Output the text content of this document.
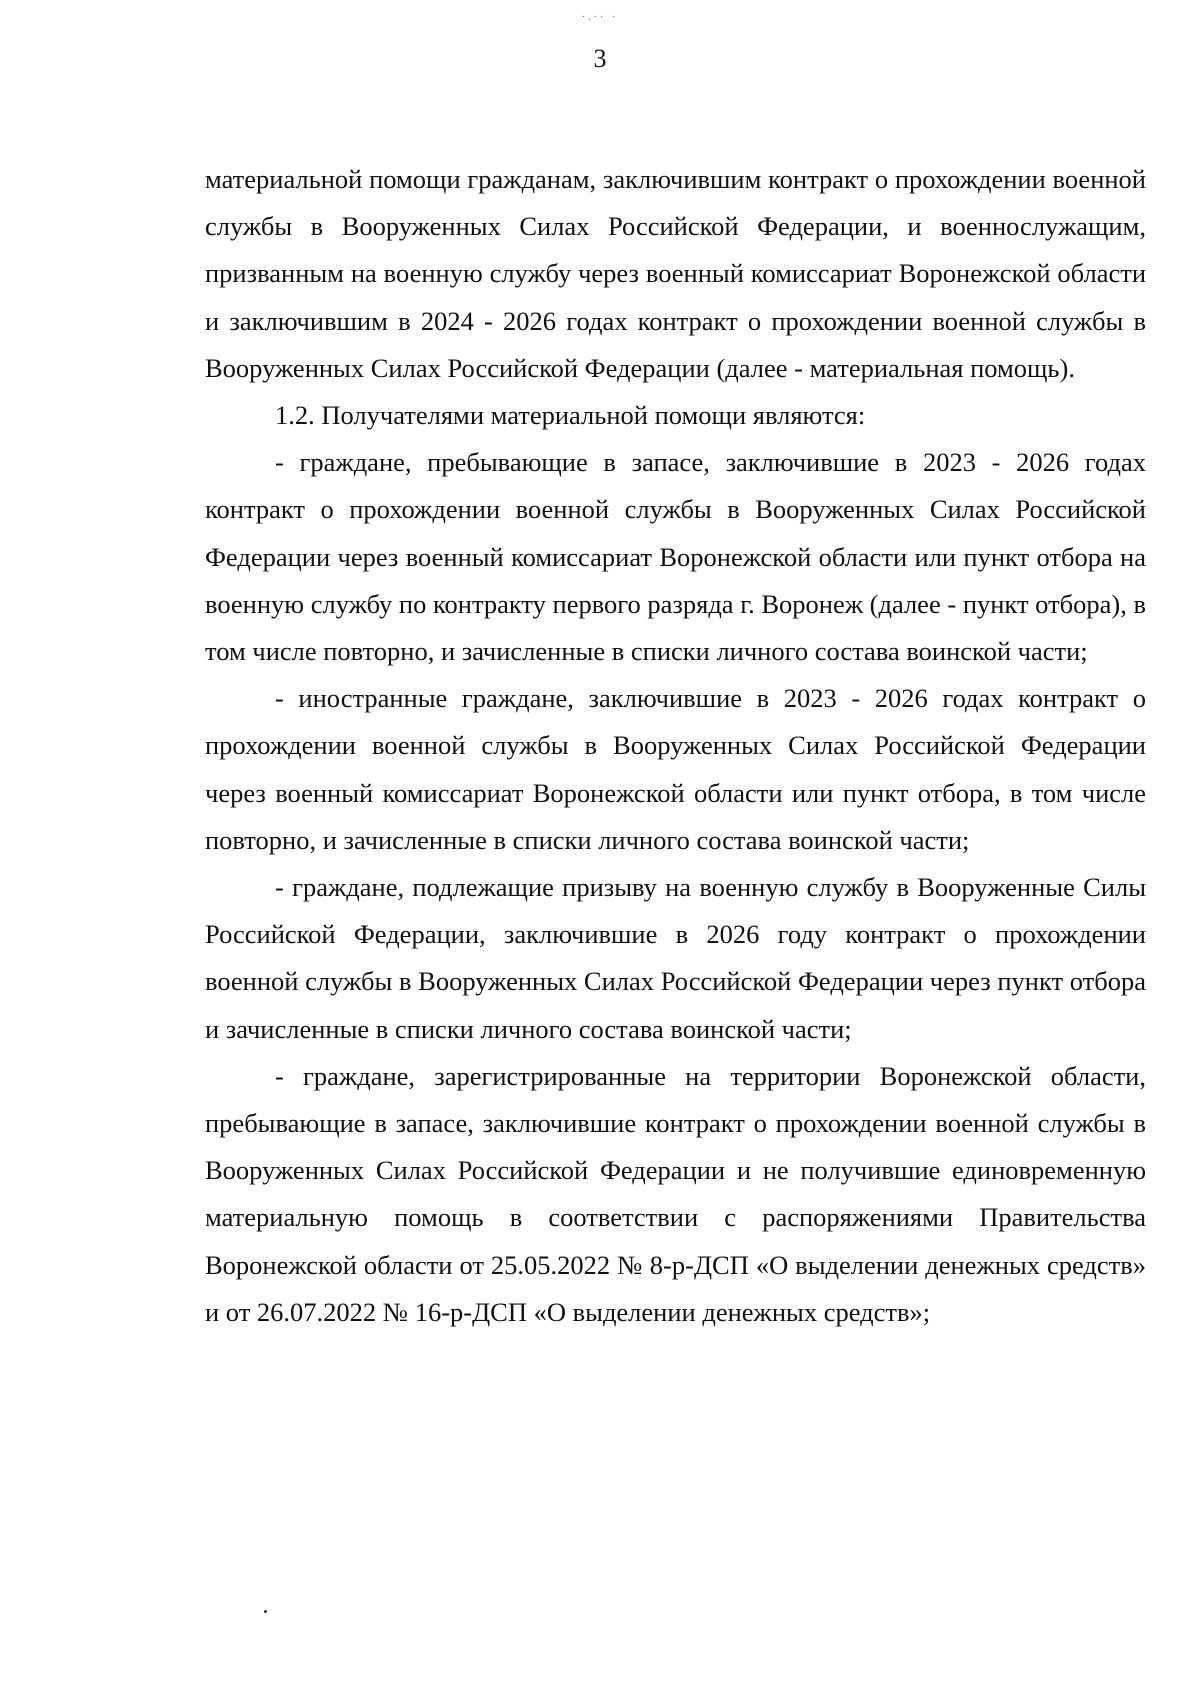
·.·· ·
3

материальной помощи гражданам, заключившим контракт о прохождении военной службы в Вооруженных Силах Российской Федерации, и военнослужащим, призванным на военную службу через военный комиссариат Воронежской области и заключившим в 2024 - 2026 годах контракт о прохождении военной службы в Вооруженных Силах Российской Федерации (далее - материальная помощь).

1.2. Получателями материальной помощи являются:

- граждане, пребывающие в запасе, заключившие в 2023 - 2026 годах контракт о прохождении военной службы в Вооруженных Силах Российской Федерации через военный комиссариат Воронежской области или пункт отбора на военную службу по контракту первого разряда г. Воронеж (далее - пункт отбора), в том числе повторно, и зачисленные в списки личного состава воинской части;

- иностранные граждане, заключившие в 2023 - 2026 годах контракт о прохождении военной службы в Вооруженных Силах Российской Федерации через военный комиссариат Воронежской области или пункт отбора, в том числе повторно, и зачисленные в списки личного состава воинской части;

- граждане, подлежащие призыву на военную службу в Вооруженные Силы Российской Федерации, заключившие в 2026 году контракт о прохождении военной службы в Вооруженных Силах Российской Федерации через пункт отбора и зачисленные в списки личного состава воинской части;

- граждане, зарегистрированные на территории Воронежской области, пребывающие в запасе, заключившие контракт о прохождении военной службы в Вооруженных Силах Российской Федерации и не получившие единовременную материальную помощь в соответствии с распоряжениями Правительства Воронежской области от 25.05.2022 № 8-р-ДСП «О выделении денежных средств» и от 26.07.2022 № 16-р-ДСП «О выделении денежных средств»;
